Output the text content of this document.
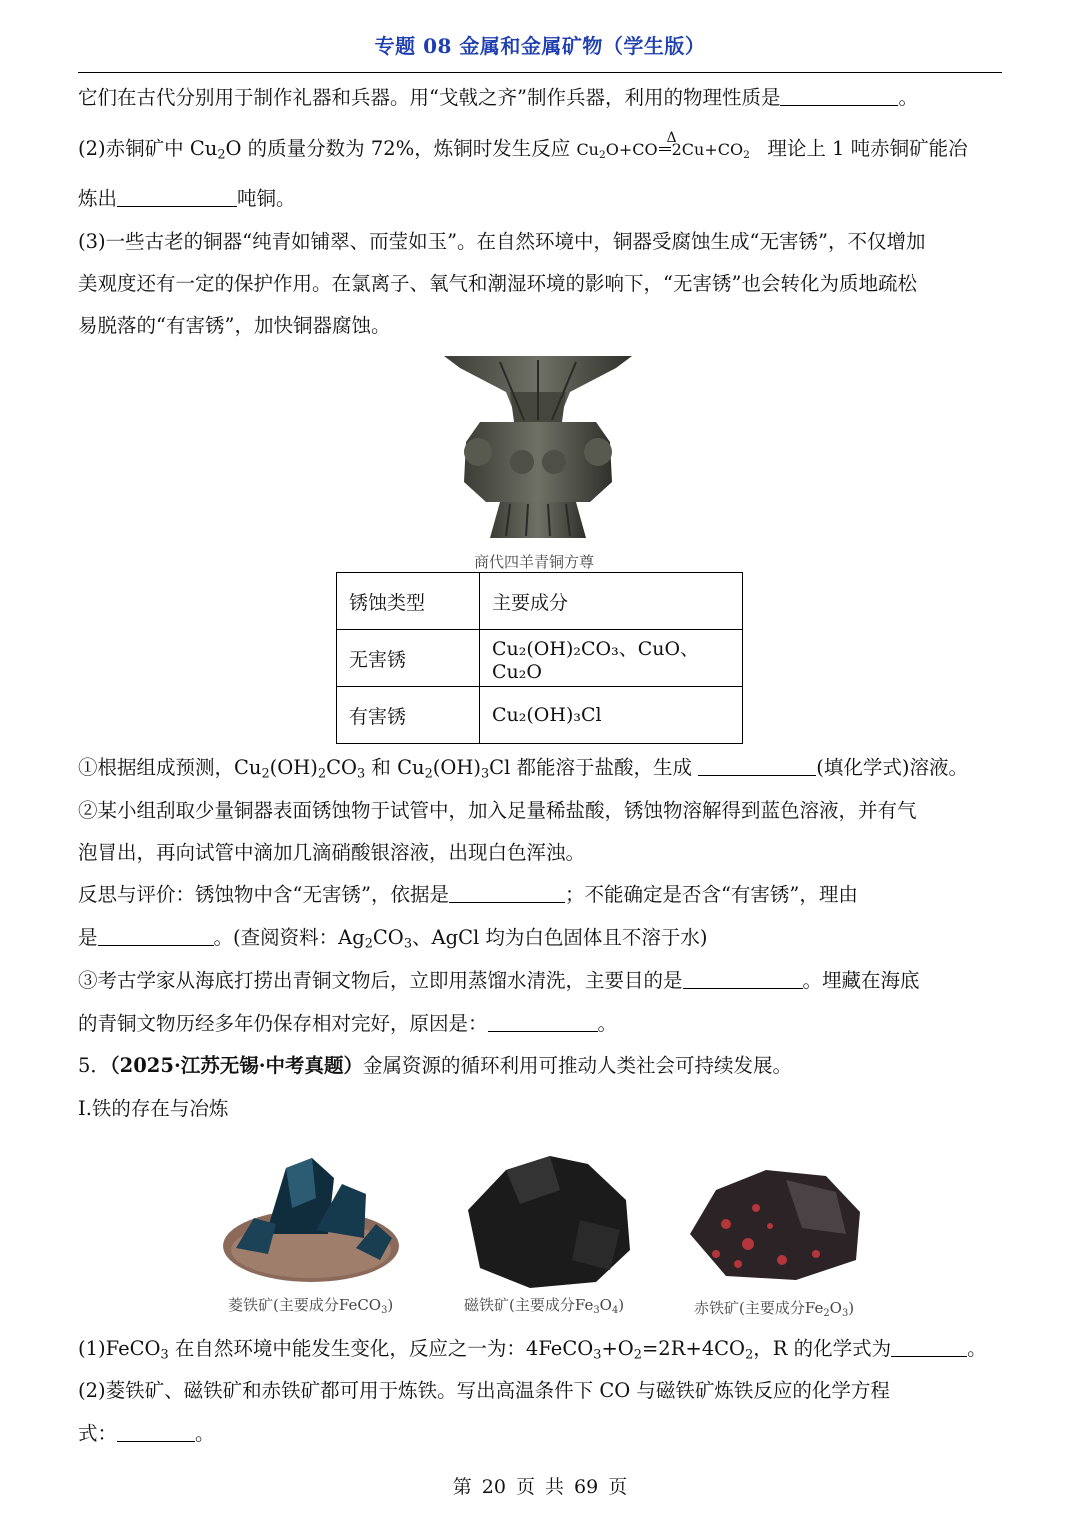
专题 08 金属和金属矿物（学生版）
它们在古代分别用于制作礼器和兵器。用“戈戟之齐”制作兵器，利用的物理性质是	。
(2)赤铜矿中 $Cu_2O$ 的质量分数为 72%，炼铜时发生反应	Δ
$Cu_2O+CO$ $2Cu+CO_2$ 理论上 1 吨赤铜矿能冶
炼出	吨铜。
(3)一些古老的铜器“纯青如铺翠、而莹如玉”。在自然环境中，铜器受腐蚀生成“无害锈”，不仅增加
美观度还有一定的保护作用。在氯离子、氧气和潮湿环境的影响下，“无害锈”也会转化为质地疏松
易脱落的“有害锈”，加快铜器腐蚀。
商代四羊青铜方尊
锈蚀类型	主要成分
无害锈	Cu₂(OH)₂CO₃、CuO、Cu₂O
有害锈	Cu₂(OH)₃Cl
①根据组成预测，$Cu_2(OH)_2CO_3$ 和 $Cu_2(OH)_3Cl$ 都能溶于盐酸，生成	(填化学式)溶液。
②某小组刮取少量铜器表面锈蚀物于试管中，加入足量稀盐酸，锈蚀物溶解得到蓝色溶液，并有气
泡冒出，再向试管中滴加几滴硝酸银溶液，出现白色浑浊。
反思与评价：锈蚀物中含“无害锈”，依据是	；不能确定是否含“有害锈”，理由
是	。(查阅资料：$Ag_2CO_3$、AgCl 均为白色固体且不溶于水)
③考古学家从海底打捞出青铜文物后，立即用蒸馏水清洗，主要目的是	。埋藏在海底
的青铜文物历经多年仍保存相对完好，原因是：	。
5．（2025·江苏无锡·中考真题）金属资源的循环利用可推动人类社会可持续发展。
I.铁的存在与冶炼
菱铁矿(主要成分FeCO$_3$)	磁铁矿(主要成分$Fe_3O_4$)	赤铁矿(主要成分$Fe_2O_3$)
(1)FeCO$_3$ 在自然环境中能发生变化，反应之一为：$4FeCO_3+O_2=2R+4CO_2$，R 的化学式为	。
(2)菱铁矿、磁铁矿和赤铁矿都可用于炼铁。写出高温条件下 CO 与磁铁矿炼铁反应的化学方程
第 20 页 共 69 页
式：	。
